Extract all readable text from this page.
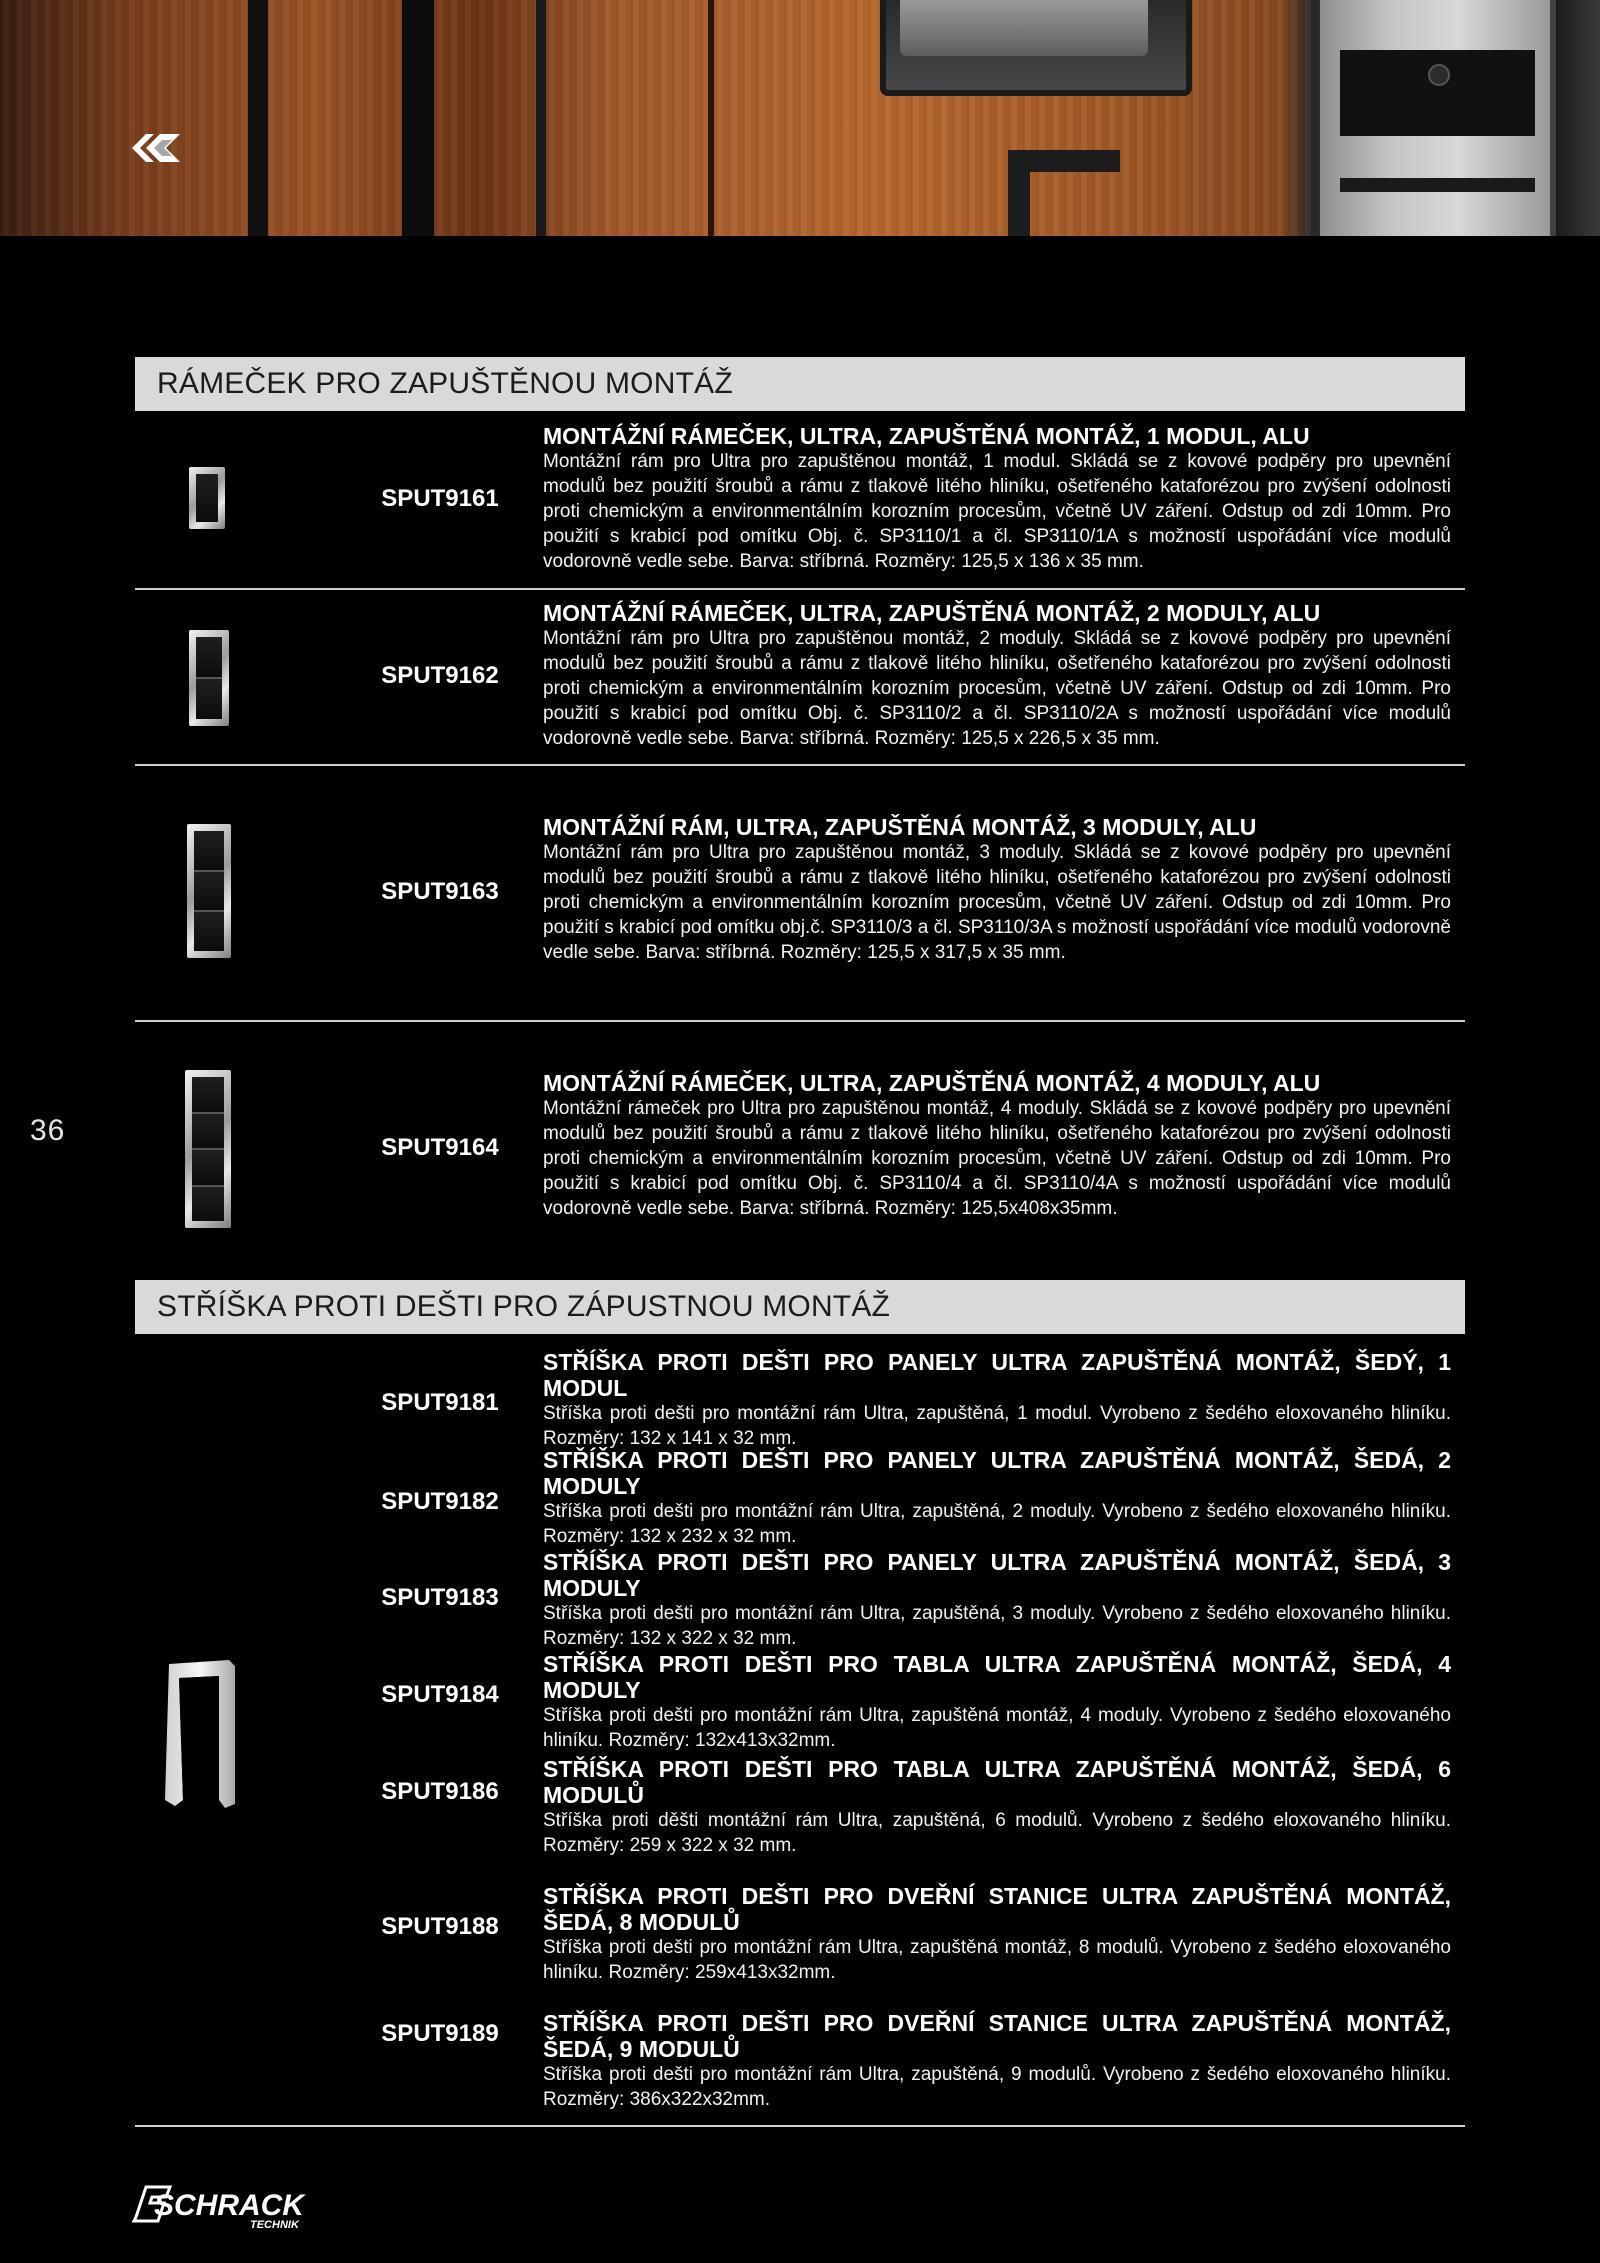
RÁMEČEK PRO ZAPUŠTĚNOU MONTÁŽ
SPUT9161
MONTÁŽNÍ RÁMEČEK, ULTRA, ZAPUŠTĚNÁ MONTÁŽ, 1 MODUL, ALU
Montážní rám pro Ultra pro zapuštěnou montáž, 1 modul. Skládá se z kovové podpěry pro upevnění modulů bez použití šroubů a rámu z tlakově litého hliníku, ošetřeného kataforézou pro zvýšení odolnosti proti chemickým a environmentálním korozním procesům, včetně UV záření. Odstup od zdi 10mm. Pro použití s krabicí pod omítku Obj. č. SP3110/1 a čl. SP3110/1A s možností uspořádání více modulů vodorovně vedle sebe. Barva: stříbrná. Rozměry: 125,5 x 136 x 35 mm.
SPUT9162
MONTÁŽNÍ RÁMEČEK, ULTRA, ZAPUŠTĚNÁ MONTÁŽ, 2 MODULY, ALU
Montážní rám pro Ultra pro zapuštěnou montáž, 2 moduly. Skládá se z kovové podpěry pro upevnění modulů bez použití šroubů a rámu z tlakově litého hliníku, ošetřeného kataforézou pro zvýšení odolnosti proti chemickým a environmentálním korozním procesům, včetně UV záření. Odstup od zdi 10mm. Pro použití s krabicí pod omítku Obj. č. SP3110/2 a čl. SP3110/2A s možností uspořádání více modulů vodorovně vedle sebe. Barva: stříbrná. Rozměry: 125,5 x 226,5 x 35 mm.
SPUT9163
MONTÁŽNÍ RÁM, ULTRA, ZAPUŠTĚNÁ MONTÁŽ, 3 MODULY, ALU
Montážní rám pro Ultra pro zapuštěnou montáž, 3 moduly. Skládá se z kovové podpěry pro upevnění modulů bez použití šroubů a rámu z tlakově litého hliníku, ošetřeného kataforézou pro zvýšení odolnosti proti chemickým a environmentálním korozním procesům, včetně UV záření. Odstup od zdi 10mm. Pro použití s krabicí pod omítku obj.č. SP3110/3 a čl. SP3110/3A s možností uspořádání více modulů vodorovně vedle sebe. Barva: stříbrná. Rozměry: 125,5 x 317,5 x 35 mm.
SPUT9164
MONTÁŽNÍ RÁMEČEK, ULTRA, ZAPUŠTĚNÁ MONTÁŽ, 4 MODULY, ALU
Montážní rámeček pro Ultra pro zapuštěnou montáž, 4 moduly. Skládá se z kovové podpěry pro upevnění modulů bez použití šroubů a rámu z tlakově litého hliníku, ošetřeného kataforézou pro zvýšení odolnosti proti chemickým a environmentálním korozním procesům, včetně UV záření. Odstup od zdi 10mm. Pro použití s krabicí pod omítku Obj. č. SP3110/4 a čl. SP3110/4A s možností uspořádání více modulů vodorovně vedle sebe. Barva: stříbrná. Rozměry: 125,5x408x35mm.
36
STŘÍŠKA PROTI DEŠTI PRO ZÁPUSTNOU MONTÁŽ
SPUT9181
STŘÍŠKA PROTI DEŠTI PRO PANELY ULTRA ZAPUŠTĚNÁ MONTÁŽ, ŠEDÝ, 1 MODUL
Stříška proti dešti pro montážní rám Ultra, zapuštěná, 1 modul. Vyrobeno z šedého eloxovaného hliníku. Rozměry: 132 x 141 x 32 mm.
SPUT9182
STŘÍŠKA PROTI DEŠTI PRO PANELY ULTRA ZAPUŠTĚNÁ MONTÁŽ, ŠEDÁ, 2 MODULY
Stříška proti dešti pro montážní rám Ultra, zapuštěná, 2 moduly. Vyrobeno z šedého eloxovaného hliníku. Rozměry: 132 x 232 x 32 mm.
SPUT9183
STŘÍŠKA PROTI DEŠTI PRO PANELY ULTRA ZAPUŠTĚNÁ MONTÁŽ, ŠEDÁ, 3 MODULY
Stříška proti dešti pro montážní rám Ultra, zapuštěná, 3 moduly. Vyrobeno z šedého eloxovaného hliníku. Rozměry: 132 x 322 x 32 mm.
SPUT9184
STŘÍŠKA PROTI DEŠTI PRO TABLA ULTRA ZAPUŠTĚNÁ MONTÁŽ, ŠEDÁ, 4 MODULY
Stříška proti dešti pro montážní rám Ultra, zapuštěná montáž, 4 moduly. Vyrobeno z šedého eloxovaného hliníku. Rozměry: 132x413x32mm.
SPUT9186
STŘÍŠKA PROTI DEŠTI PRO TABLA ULTRA ZAPUŠTĚNÁ MONTÁŽ, ŠEDÁ, 6 MODULŮ
Stříška proti děšti montážní rám Ultra, zapuštěná, 6 modulů. Vyrobeno z šedého eloxovaného hliníku. Rozměry: 259 x 322 x 32 mm.
SPUT9188
STŘÍŠKA PROTI DEŠTI PRO DVEŘNÍ STANICE ULTRA ZAPUŠTĚNÁ MONTÁŽ, ŠEDÁ, 8 MODULŮ
Stříška proti dešti pro montážní rám Ultra, zapuštěná montáž, 8 modulů. Vyrobeno z šedého eloxovaného hliníku. Rozměry: 259x413x32mm.
SPUT9189	STŘÍŠKA PROTI DEŠTI PRO DVEŘNÍ STANICE ULTRA ZAPUŠTĚNÁ MONTÁŽ, ŠEDÁ, 9 MODULŮ
Stříška proti dešti pro montážní rám Ultra, zapuštěná, 9 modulů. Vyrobeno z šedého eloxovaného hliníku. Rozměry: 386x322x32mm.
SCHRACK
TECHNIK
